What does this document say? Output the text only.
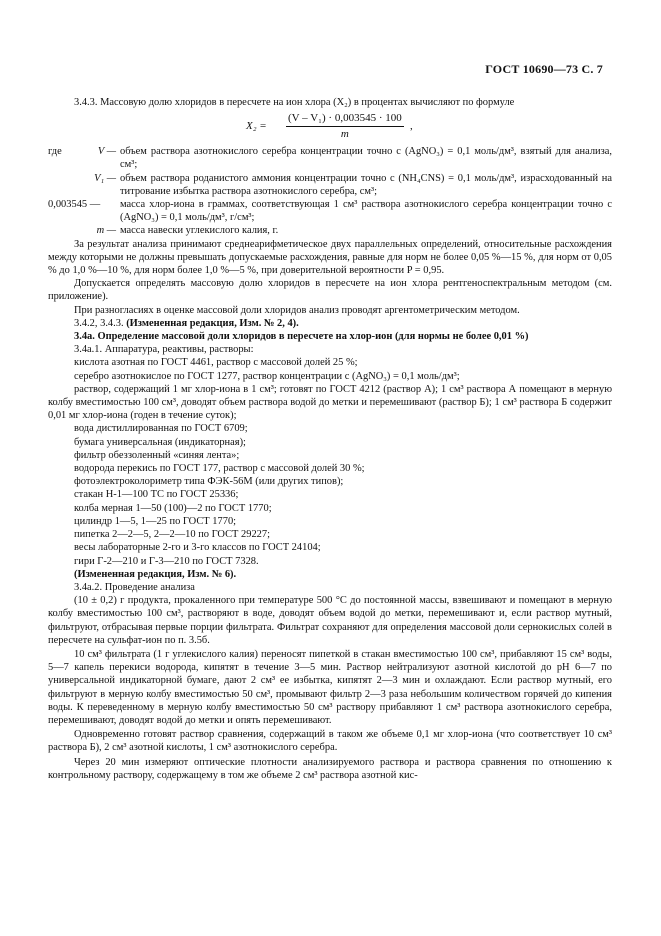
ГОСТ 10690—73 С. 7

3.4.3. Массовую долю хлоридов в пересчете на ион хлора (X₂) в процентах вычисляют по формуле

$X_2 = \frac{\text{(V – V₁) · 0,003545 · 100}}{m}$ ,
где	V — объем раствора азотнокислого серебра концентрации точно c (AgNO₃) = 0,1 моль/дм³, взятый для анализа, см³;
V₁ — объем раствора роданистого аммония концентрации точно c (NH₄CNS) = 0,1 моль/дм³, израсходованный на титрование избытка раствора азотнокислого серебра, см³;
0,003545 —	масса хлор-иона в граммах, соответствующая 1 см³ раствора азотнокислого серебра концентрации точно c (AgNO₃) = 0,1 моль/дм³, г/см³;
m — масса навески углекислого калия, г.

За результат анализа принимают среднеарифметическое двух параллельных определений, относительные расхождения между которыми не должны превышать допускаемые расхождения, равные для норм не более 0,05 %—15 %, для норм от 0,05 % до 1,0 %—10 %, для норм более 1,0 %—5 %, при доверительной вероятности P = 0,95.

Допускается определять массовую долю хлоридов в пересчете на ион хлора рентгеноспектральным методом (см. приложение).

При разногласиях в оценке массовой доли хлоридов анализ проводят аргентометрическим методом.

3.4.2, 3.4.3. (Измененная редакция, Изм. № 2, 4).

3.4а. Определение массовой доли хлоридов в пересчете на хлор-ион (для нормы не более 0,01 %)

3.4а.1. Аппаратура, реактивы, растворы:

кислота азотная по ГОСТ 4461, раствор с массовой долей 25 %;

серебро азотнокислое по ГОСТ 1277, раствор концентрации c (AgNO₃) = 0,1 моль/дм³;

раствор, содержащий 1 мг хлор-иона в 1 см³; готовят по ГОСТ 4212 (раствор А); 1 см³ раствора А помещают в мерную колбу вместимостью 100 см³, доводят объем раствора водой до метки и перемешивают (раствор Б); 1 см³ раствора Б содержит 0,01 мг хлор-иона (годен в течение суток);

вода дистиллированная по ГОСТ 6709;

бумага универсальная (индикаторная);

фильтр обеззоленный «синяя лента»;

водорода перекись по ГОСТ 177, раствор с массовой долей 30 %;

фотоэлектроколориметр типа ФЭК-56М (или других типов);

стакан Н-1—100 ТС по ГОСТ 25336;

колба мерная 1—50 (100)—2 по ГОСТ 1770;

цилиндр 1—5, 1—25 по ГОСТ 1770;

пипетка 2—2—5, 2—2—10 по ГОСТ 29227;

весы лабораторные 2-го и 3-го классов по ГОСТ 24104;

гири Г-2—210 и Г-3—210 по ГОСТ 7328.

(Измененная редакция, Изм. № 6).

3.4а.2. Проведение анализа

(10 ± 0,2) г продукта, прокаленного при температуре 500 °С до постоянной массы, взвешивают и помещают в мерную колбу вместимостью 100 см³, растворяют в воде, доводят объем водой до метки, перемешивают и, если раствор мутный, фильтруют, отбрасывая первые порции фильтрата. Фильтрат сохраняют для определения массовой доли сернокислых солей в пересчете на сульфат-ион по п. 3.5б.

10 см³ фильтрата (1 г углекислого калия) переносят пипеткой в стакан вместимостью 100 см³, прибавляют 15 см³ воды, 5—7 капель перекиси водорода, кипятят в течение 3—5 мин. Раствор нейтрализуют азотной кислотой до pH 6—7 по универсальной индикаторной бумаге, дают 2 см³ ее избытка, кипятят 2—3 мин и охлаждают. Если раствор мутный, его фильтруют в мерную колбу вместимостью 50 см³, промывают фильтр 2—3 раза небольшим количеством горячей до кипения воды. К переведенному в мерную колбу вместимостью 50 см³ раствору прибавляют 1 см³ раствора азотнокислого серебра, перемешивают, доводят водой до метки и опять перемешивают.

Одновременно готовят раствор сравнения, содержащий в таком же объеме 0,1 мг хлор-иона (что соответствует 10 см³ раствора Б), 2 см³ азотной кислоты, 1 см³ азотнокислого серебра.

Через 20 мин измеряют оптические плотности анализируемого раствора и раствора сравнения по отношению к контрольному раствору, содержащему в том же объеме 2 см³ раствора азотной кис-
